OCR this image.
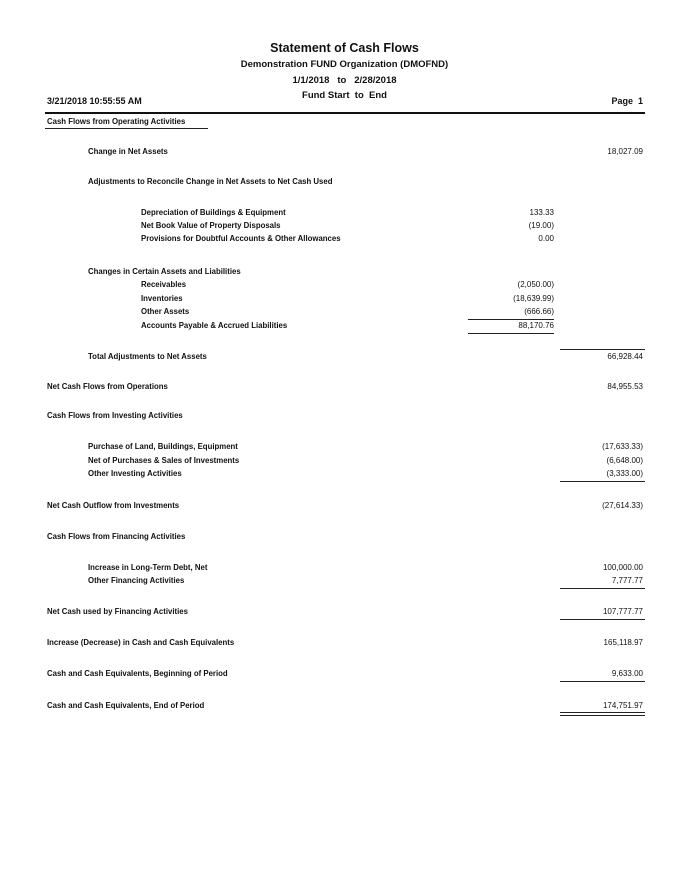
Statement of Cash Flows
Demonstration FUND Organization (DMOFND)
1/1/2018   to   2/28/2018
Fund Start  to  End
3/21/2018 10:55:55 AM	Page  1
Cash Flows from Operating Activities
Change in Net Assets	18,027.09
Adjustments to Reconcile Change in Net Assets to Net Cash Used
Depreciation of Buildings & Equipment	133.33
Net Book Value of Property Disposals	(19.00)
Provisions for Doubtful Accounts & Other Allowances	0.00
Changes in Certain Assets and Liabilities
Receivables	(2,050.00)
Inventories	(18,639.99)
Other Assets	(666.66)
Accounts Payable & Accrued Liabilities	88,170.76
Total Adjustments to Net Assets	66,928.44
Net Cash Flows from Operations	84,955.53
Cash Flows from Investing Activities
Purchase of Land, Buildings, Equipment	(17,633.33)
Net of Purchases & Sales of Investments	(6,648.00)
Other Investing Activities	(3,333.00)
Net Cash Outflow from Investments	(27,614.33)
Cash Flows from Financing Activities
Increase in Long-Term Debt, Net	100,000.00
Other Financing Activities	7,777.77
Net Cash used by Financing Activities	107,777.77
Increase (Decrease) in Cash and Cash Equivalents	165,118.97
Cash and Cash Equivalents, Beginning of Period	9,633.00
Cash and Cash Equivalents, End of Period	174,751.97
